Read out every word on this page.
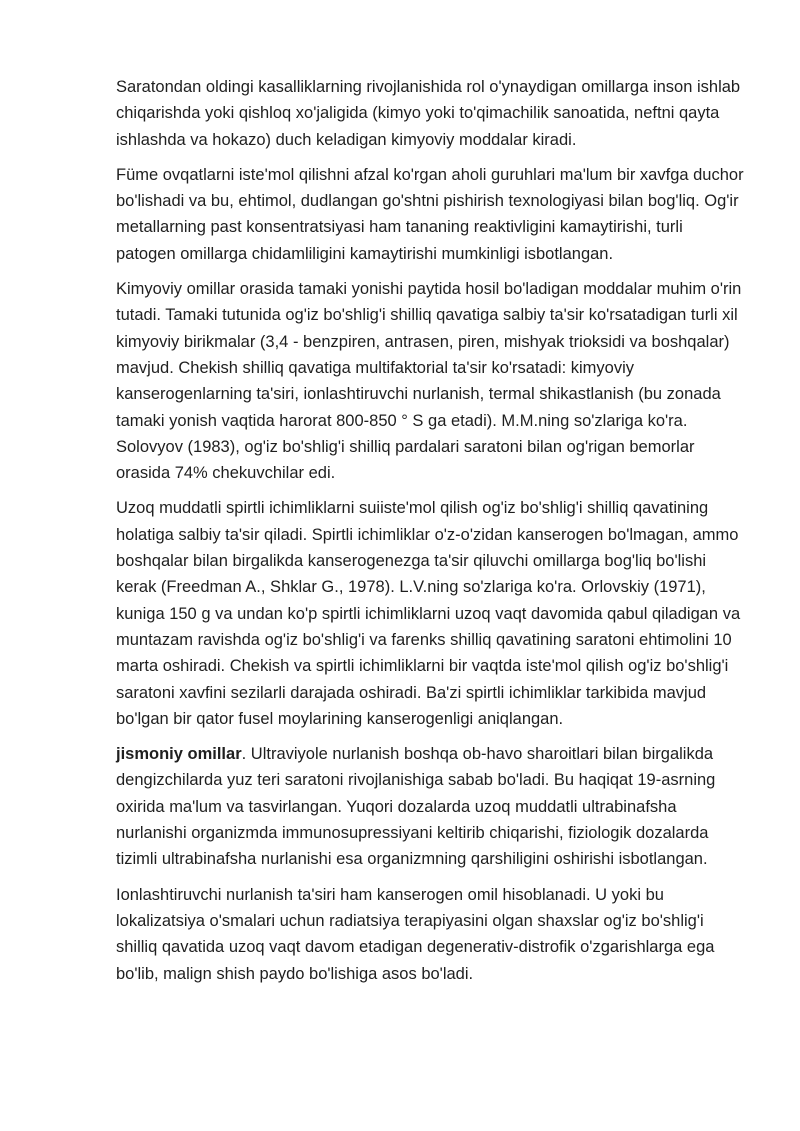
Saratondan oldingi kasalliklarning rivojlanishida rol o'ynaydigan omillarga inson ishlab chiqarishda yoki qishloq xo'jaligida (kimyo yoki to'qimachilik sanoatida, neftni qayta ishlashda va hokazo) duch keladigan kimyoviy moddalar kiradi.

Füme ovqatlarni iste'mol qilishni afzal ko'rgan aholi guruhlari ma'lum bir xavfga duchor bo'lishadi va bu, ehtimol, dudlangan go'shtni pishirish texnologiyasi bilan bog'liq. Og'ir metallarning past konsentratsiyasi ham tananing reaktivligini kamaytirishi, turli patogen omillarga chidamliligini kamaytirishi mumkinligi isbotlangan.

Kimyoviy omillar orasida tamaki yonishi paytida hosil bo'ladigan moddalar muhim o'rin tutadi. Tamaki tutunida og'iz bo'shlig'i shilliq qavatiga salbiy ta'sir ko'rsatadigan turli xil kimyoviy birikmalar (3,4 - benzpiren, antrasen, piren, mishyak trioksidi va boshqalar) mavjud. Chekish shilliq qavatiga multifaktorial ta'sir ko'rsatadi: kimyoviy kanserogenlarning ta'siri, ionlashtiruvchi nurlanish, termal shikastlanish (bu zonada tamaki yonish vaqtida harorat 800-850 ° S ga etadi). M.M.ning so'zlariga ko'ra. Solovyov (1983), og'iz bo'shlig'i shilliq pardalari saratoni bilan og'rigan bemorlar orasida 74% chekuvchilar edi.

Uzoq muddatli spirtli ichimliklarni suiiste'mol qilish og'iz bo'shlig'i shilliq qavatining holatiga salbiy ta'sir qiladi. Spirtli ichimliklar o'z-o'zidan kanserogen bo'lmagan, ammo boshqalar bilan birgalikda kanserogenezga ta'sir qiluvchi omillarga bog'liq bo'lishi kerak (Freedman A., Shklar G., 1978). L.V.ning so'zlariga ko'ra. Orlovskiy (1971), kuniga 150 g va undan ko'p spirtli ichimliklarni uzoq vaqt davomida qabul qiladigan va muntazam ravishda og'iz bo'shlig'i va farenks shilliq qavatining saratoni ehtimolini 10 marta oshiradi. Chekish va spirtli ichimliklarni bir vaqtda iste'mol qilish og'iz bo'shlig'i saratoni xavfini sezilarli darajada oshiradi. Ba'zi spirtli ichimliklar tarkibida mavjud bo'lgan bir qator fusel moylarining kanserogenligi aniqlangan.

jismoniy omillar. Ultraviyole nurlanish boshqa ob-havo sharoitlari bilan birgalikda dengizchilarda yuz teri saratoni rivojlanishiga sabab bo'ladi. Bu haqiqat 19-asrning oxirida ma'lum va tasvirlangan. Yuqori dozalarda uzoq muddatli ultrabinafsha nurlanishi organizmda immunosupressiyani keltirib chiqarishi, fiziologik dozalarda tizimli ultrabinafsha nurlanishi esa organizmning qarshiligini oshirishi isbotlangan.

Ionlashtiruvchi nurlanish ta'siri ham kanserogen omil hisoblanadi. U yoki bu lokalizatsiya o'smalari uchun radiatsiya terapiyasini olgan shaxslar og'iz bo'shlig'i shilliq qavatida uzoq vaqt davom etadigan degenerativ-distrofik o'zgarishlarga ega bo'lib, malign shish paydo bo'lishiga asos bo'ladi.
